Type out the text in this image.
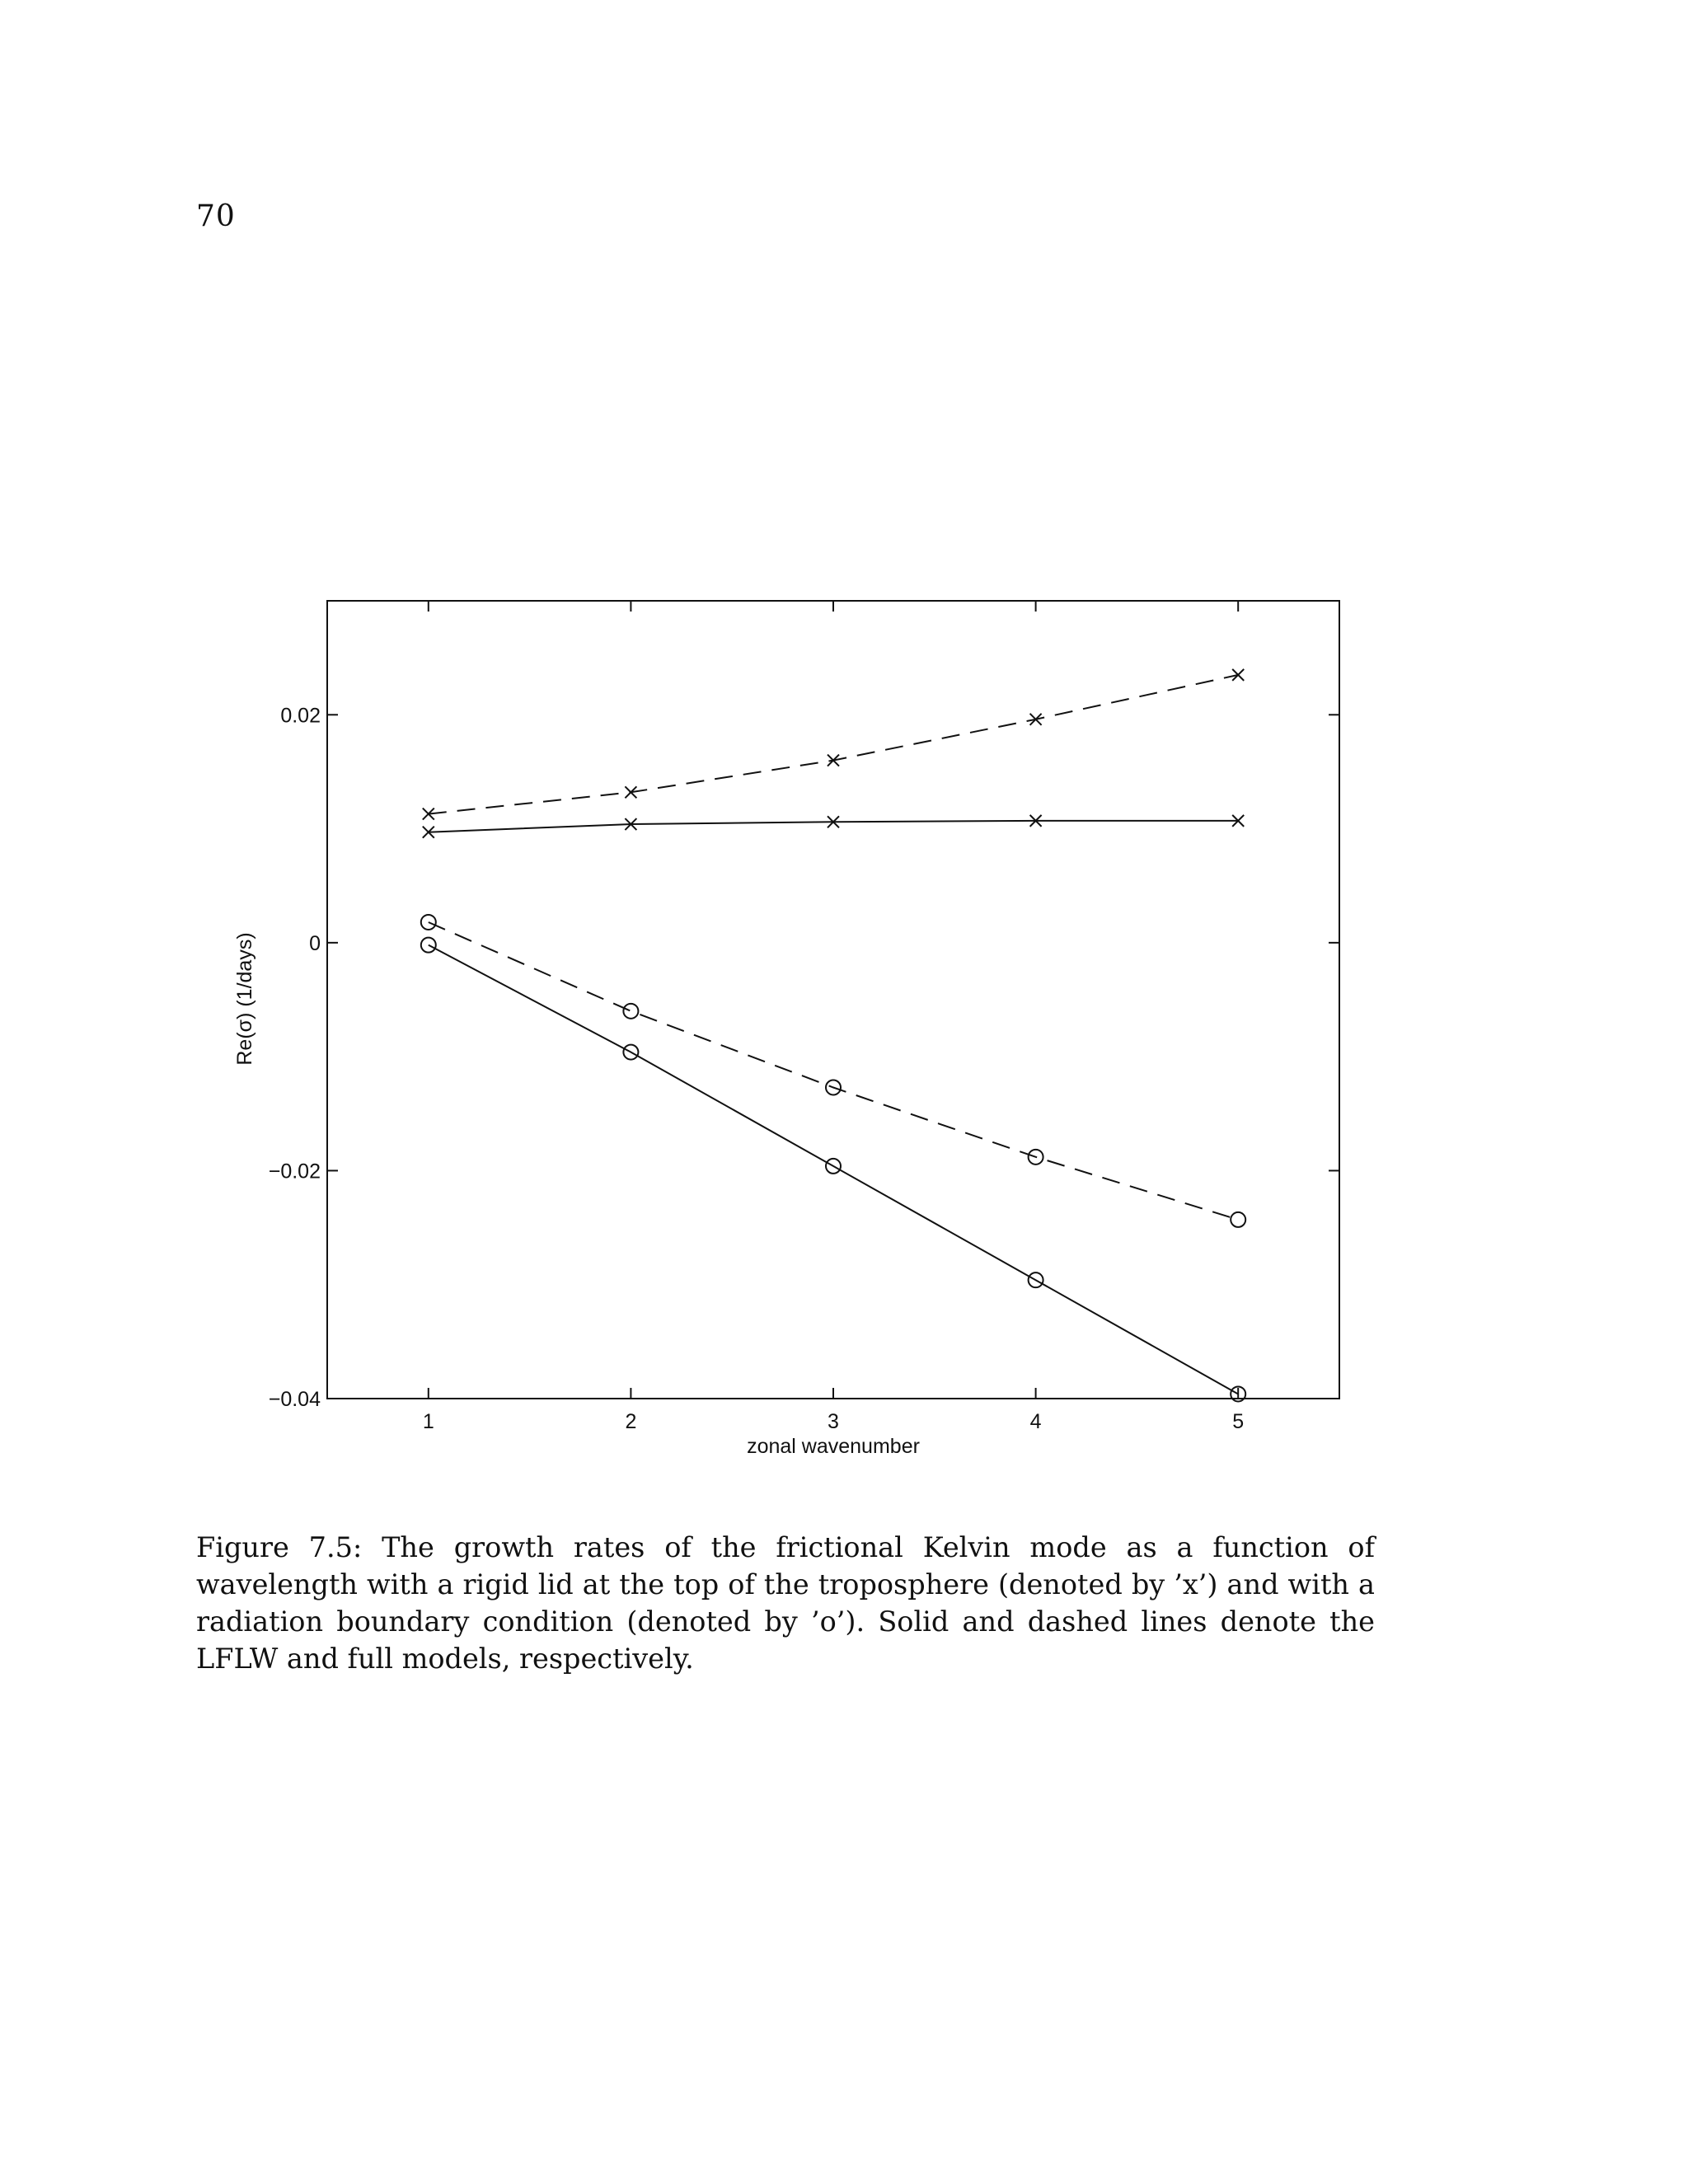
70
1	2	3	4	5
−0.04
−0.02
0
0.02
zonal wavenumber
Re(σ) (1/days)
Figure 7.5: The growth rates of the frictional Kelvin mode as a function of wavelength with a rigid lid at the top of the troposphere (denoted by ’x’) and with a radiation boundary condition (denoted by ’o’). Solid and dashed lines denote the LFLW and full models, respectively.
